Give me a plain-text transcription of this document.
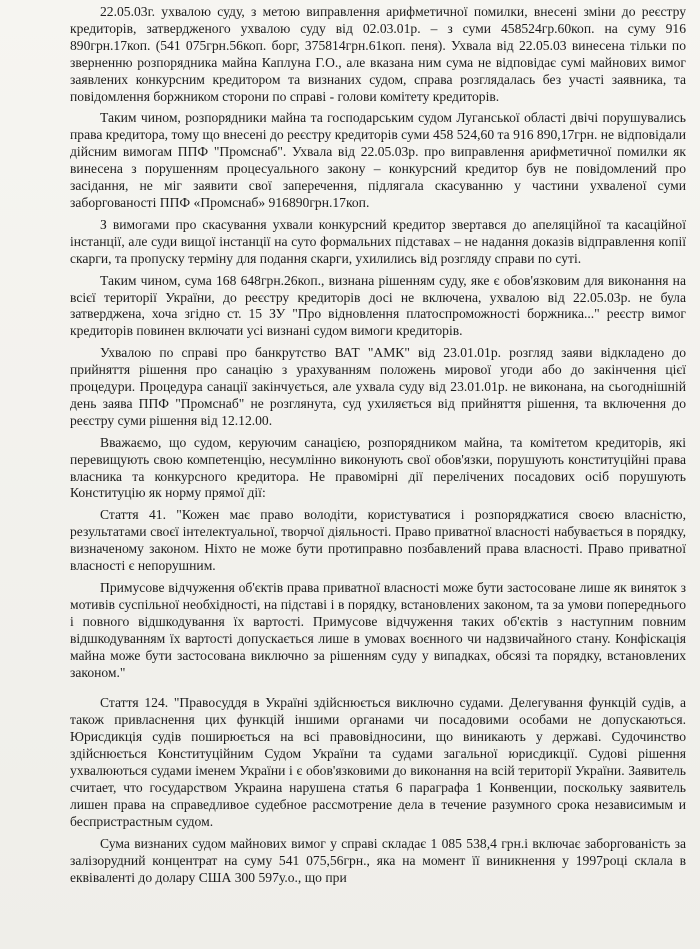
22.05.03г. ухвалою суду, з метою виправлення арифметичної помилки, внесені зміни до реєстру кредиторів, затвердженого ухвалою суду від 02.03.01р. – з суми 458524гр.60коп. на суму 916 890грн.17коп. (541 075грн.56коп. борг, 375814грн.61коп. пеня). Ухвала від 22.05.03 винесена тільки по зверненню розпорядника майна Каплуна Г.О., але вказана ним сума не відповідає сумі майнових вимог заявлених конкурсним кредитором та визнаних судом, справа розглядалась без участі заявника, та повідомлення боржником сторони по справі - голови комітету кредиторів.

Таким чином, розпорядники майна та господарським судом Луганської області двічі порушувались права кредитора, тому що внесені до реєстру кредиторів суми 458 524,60 та 916 890,17грн. не відповідали дійсним вимогам ППФ "Промснаб". Ухвала від 22.05.03р. про виправлення арифметичної помилки як винесена з порушенням процесуального закону – конкурсний кредитор був не повідомлений про засідання, не міг заявити свої заперечення, підлягала скасуванню у частини ухваленої суми заборгованості ППФ «Промснаб» 916890грн.17коп.

З вимогами про скасування ухвали конкурсний кредитор звертався до апеляційної та касаційної інстанції, але суди вищої інстанції на суто формальних підставах – не надання доказів відправлення копії скарги, та пропуску терміну для подання скарги, ухилились від розгляду справи по суті.

Таким чином, сума 168 648грн.26коп., визнана рішенням суду, яке є обов'язковим для виконання на всієї території України, до реєстру кредиторів досі не включена, ухвалою від 22.05.03р. не була затверджена, хоча згідно ст. 15 ЗУ "Про відновлення платоспроможності боржника..." реєстр вимог кредиторів повинен включати усі визнані судом вимоги кредиторів.

Ухвалою по справі про банкрутство ВАТ "АМК" від 23.01.01р. розгляд заяви відкладено до прийняття рішення про санацію з урахуванням положень мирової угоди або до закінчення цієї процедури. Процедура санації закінчується, але ухвала суду від 23.01.01р. не виконана, на сьогоднішній день заява ППФ "Промснаб" не розглянута, суд ухиляється від прийняття рішення, та включення до реєстру суми рішення від 12.12.00.

Вважаємо, що судом, керуючим санацією, розпорядником майна, та комітетом кредиторів, які перевищують свою компетенцію, несумлінно виконують свої обов'язки, порушують конституційні права власника та конкурсного кредитора. Не правомірні дії перелічених посадових осіб порушують Конституцію як норму прямої дії:

Стаття 41. "Кожен має право володіти, користуватися і розпоряджатися своєю власністю, результатами своєї інтелектуальної, творчої діяльності. Право приватної власності набувається в порядку, визначеному законом. Ніхто не може бути протиправно позбавлений права власності. Право приватної власності є непорушним.

Примусове відчуження об'єктів права приватної власності може бути застосоване лише як виняток з мотивів суспільної необхідності, на підставі і в порядку, встановлених законом, та за умови попереднього і повного відшкодування їх вартості. Примусове відчуження таких об'єктів з наступним повним відшкодуванням їх вартості допускається лише в умовах воєнного чи надзвичайного стану. Конфіскація майна може бути застосована виключно за рішенням суду у випадках, обсязі та порядку, встановлених законом."

Стаття 124. "Правосуддя в Україні здійснюється виключно судами. Делегування функцій судів, а також привласнення цих функцій іншими органами чи посадовими особами не допускаються. Юрисдикція судів поширюється на всі правовідносини, що виникають у державі. Судочинство здійснюється Конституційним Судом України та судами загальної юрисдикції. Судові рішення ухвалюються судами іменем України і є обов'язковими до виконання на всій території України. Заявитель считает, что государством Украина нарушена статья 6 параграфа 1 Конвенции, поскольку заявитель лишен права на справедливое судебное рассмотрение дела в течение разумного срока независимым и беспристрастным судом.

Сума визнаних судом майнових вимог у справі складає 1 085 538,4 грн.і включає заборгованість за залізорудний концентрат на суму 541 075,56грн., яка на момент її виникнення у 1997році склала в еквіваленті до долару США 300 597у.о., що при
